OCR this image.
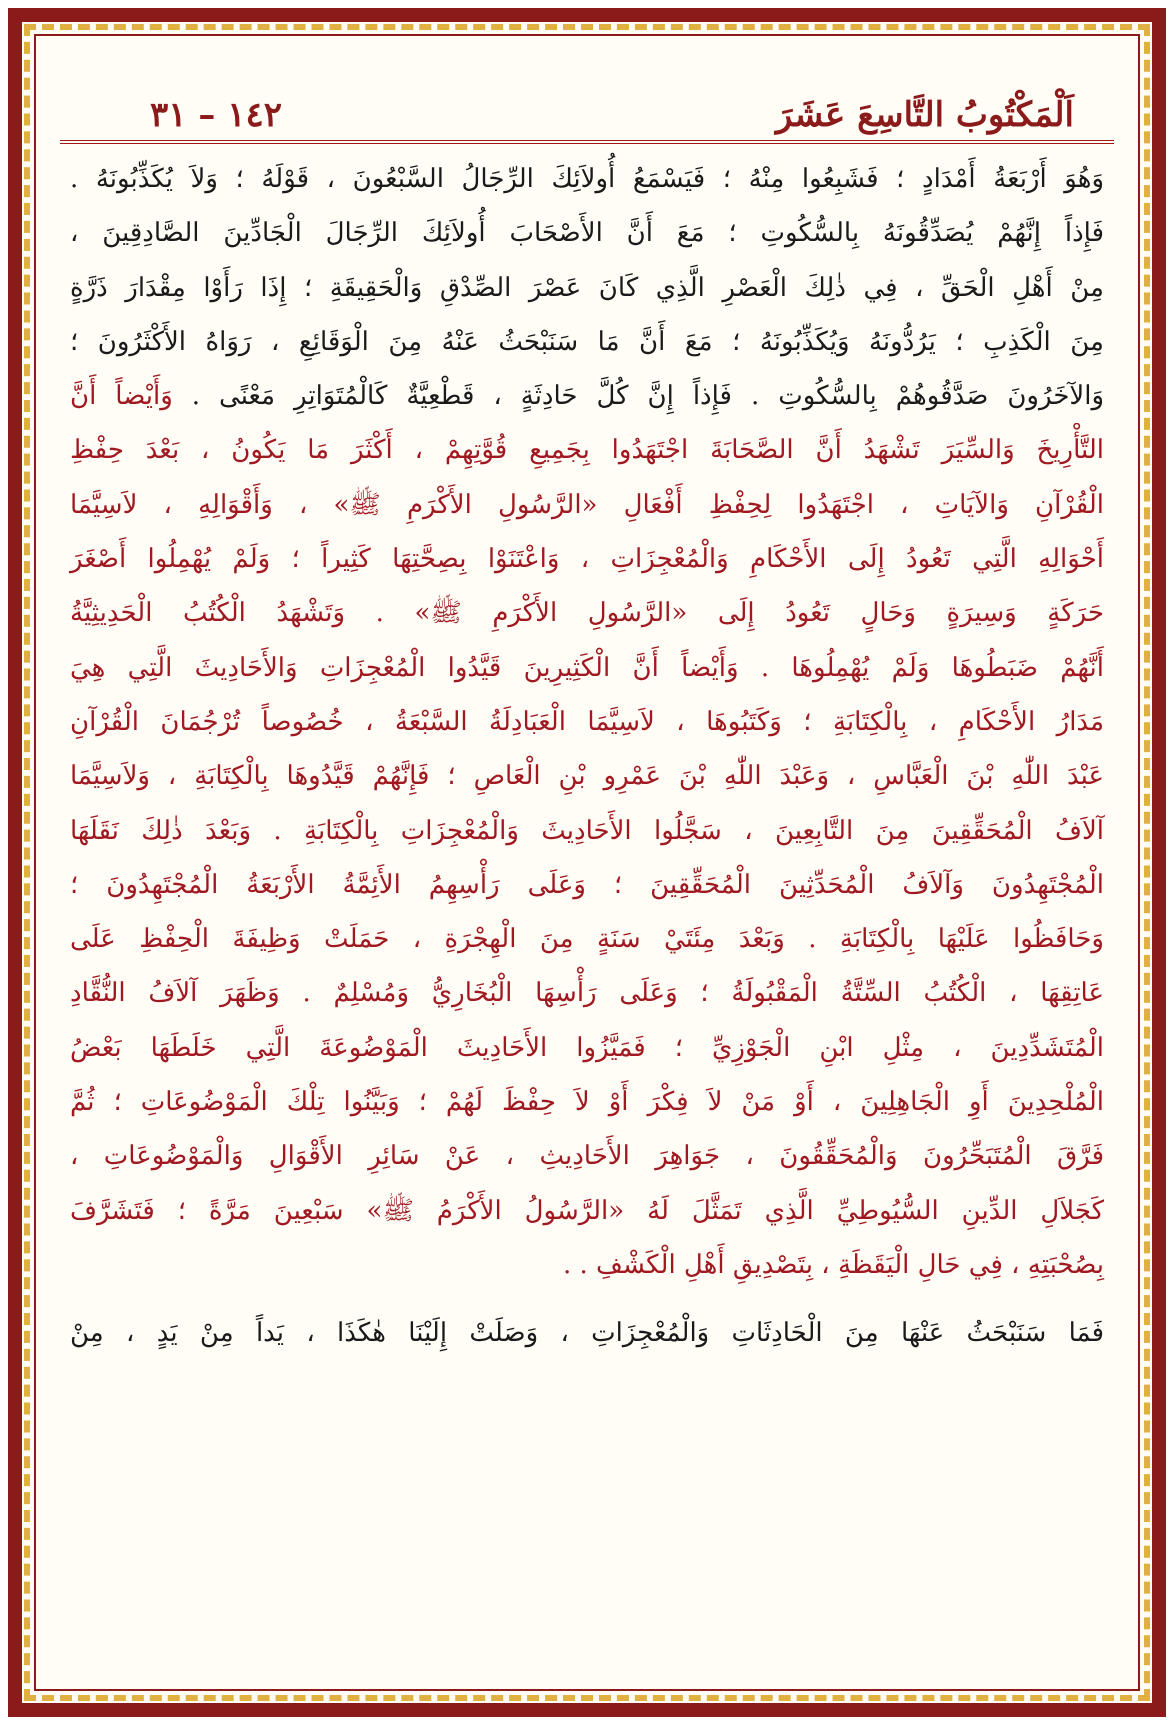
اَلْمَكْتُوبُ التَّاسِعَ عَشَرَ
١٤٢ – ٣١
وَهُوَ أَرْبَعَةُ أَمْدَادٍ ؛ فَشَبِعُوا مِنْهُ ؛ فَيَسْمَعُ أُولاَئِكَ الرِّجَالُ السَّبْعُونَ ، قَوْلَهُ ؛ وَلاَ يُكَذِّبُونَهُ .
فَإِذاً إِنَّهُمْ يُصَدِّقُونَهُ بِالسُّكُوتِ ؛ مَعَ أَنَّ الأَصْحَابَ أُولاَئِكَ الرِّجَالَ الْجَادِّينَ الصَّادِقِينَ ،
مِنْ أَهْلِ الْحَقِّ ، فِي ذٰلِكَ الْعَصْرِ الَّذِي كَانَ عَصْرَ الصِّدْقِ وَالْحَقِيقَةِ ؛ إِذَا رَأَوْا مِقْدَارَ ذَرَّةٍ
مِنَ الْكَذِبِ ؛ يَرُدُّونَهُ وَيُكَذِّبُونَهُ ؛ مَعَ أَنَّ مَا سَنَبْحَثُ عَنْهُ مِنَ الْوَقَائِعِ ، رَوَاهُ الأَكْثَرُونَ ؛
وَالآخَرُونَ صَدَّقُوهُمْ بِالسُّكُوتِ . فَإِذاً إِنَّ كُلَّ حَادِثَةٍ ، قَطْعِيَّةٌ كَالْمُتَوَاتِرِ مَعْنًى . وَأَيْضاً أَنَّ
التَّأْرِيخَ وَالسِّيَرَ تَشْهَدُ أَنَّ الصَّحَابَةَ اجْتَهَدُوا بِجَمِيعِ قُوَّتِهِمْ ، أَكْثَرَ مَا يَكُونُ ، بَعْدَ حِفْظِ
الْقُرْآنِ وَالآيَاتِ ، اجْتَهَدُوا لِحِفْظِ أَفْعَالِ «الرَّسُولِ الأَكْرَمِ ﷺ» ، وَأَقْوَالِهِ ، لاَسِيَّمَا
أَحْوَالِهِ الَّتِي تَعُودُ إِلَى الأَحْكَامِ وَالْمُعْجِزَاتِ ، وَاعْتَنَوْا بِصِحَّتِهَا كَثِيراً ؛ وَلَمْ يُهْمِلُوا أَصْغَرَ
حَرَكَةٍ وَسِيرَةٍ وَحَالٍ تَعُودُ إِلَى «الرَّسُولِ الأَكْرَمِ ﷺ» . وَتَشْهَدُ الْكُتُبُ الْحَدِيثِيَّةُ
أَنَّهُمْ ضَبَطُوهَا وَلَمْ يُهْمِلُوهَا . وَأَيْضاً أَنَّ الْكَثِيرِينَ قَيَّدُوا الْمُعْجِزَاتِ وَالأَحَادِيثَ الَّتِي هِيَ
مَدَارُ الأَحْكَامِ ، بِالْكِتَابَةِ ؛ وَكَتَبُوهَا ، لاَسِيَّمَا الْعَبَادِلَةُ السَّبْعَةُ ، خُصُوصاً تُرْجُمَانَ الْقُرْآنِ
عَبْدَ اللّٰهِ بْنَ الْعَبَّاسِ ، وَعَبْدَ اللّٰهِ بْنَ عَمْرِو بْنِ الْعَاصِ ؛ فَإِنَّهُمْ قَيَّدُوهَا بِالْكِتَابَةِ ، وَلاَسِيَّمَا
آلاَفُ الْمُحَقِّقِينَ مِنَ التَّابِعِينَ ، سَجَّلُوا الأَحَادِيثَ وَالْمُعْجِزَاتِ بِالْكِتَابَةِ . وَبَعْدَ ذٰلِكَ نَقَلَهَا
الْمُجْتَهِدُونَ وَآلاَفُ الْمُحَدِّثِينَ الْمُحَقِّقِينَ ؛ وَعَلَى رَأْسِهِمُ الأَئِمَّةُ الأَرْبَعَةُ الْمُجْتَهِدُونَ ؛
وَحَافَظُوا عَلَيْهَا بِالْكِتَابَةِ . وَبَعْدَ مِئَتَيْ سَنَةٍ مِنَ الْهِجْرَةِ ، حَمَلَتْ وَظِيفَةَ الْحِفْظِ عَلَى
عَاتِقِهَا ، الْكُتُبُ السِّتَّةُ الْمَقْبُولَةُ ؛ وَعَلَى رَأْسِهَا الْبُخَارِيُّ وَمُسْلِمٌ . وَظَهَرَ آلاَفُ النُّقَّادِ
الْمُتَشَدِّدِينَ ، مِثْلِ ابْنِ الْجَوْزِيِّ ؛ فَمَيَّزُوا الأَحَادِيثَ الْمَوْضُوعَةَ الَّتِي خَلَطَهَا بَعْضُ
الْمُلْحِدِينَ أَوِ الْجَاهِلِينَ ، أَوْ مَنْ لاَ فِكْرَ أَوْ لاَ حِفْظَ لَهُمْ ؛ وَبَيَّنُوا تِلْكَ الْمَوْضُوعَاتِ ؛ ثُمَّ
فَرَّقَ الْمُتَبَحِّرُونَ وَالْمُحَقِّقُونَ ، جَوَاهِرَ الأَحَادِيثِ ، عَنْ سَائِرِ الأَقْوَالِ وَالْمَوْضُوعَاتِ ،
كَجَلاَلِ الدِّينِ السُّيُوطِيِّ الَّذِي تَمَثَّلَ لَهُ «الرَّسُولُ الأَكْرَمُ ﷺ» سَبْعِينَ مَرَّةً ؛ فَتَشَرَّفَ
بِصُحْبَتِهِ ، فِي حَالِ الْيَقَظَةِ ، بِتَصْدِيقِ أَهْلِ الْكَشْفِ . .
فَمَا سَنَبْحَثُ عَنْهَا مِنَ الْحَادِثَاتِ وَالْمُعْجِزَاتِ ، وَصَلَتْ إِلَيْنَا هٰكَذَا ، يَداً مِنْ يَدٍ ، مِنْ
